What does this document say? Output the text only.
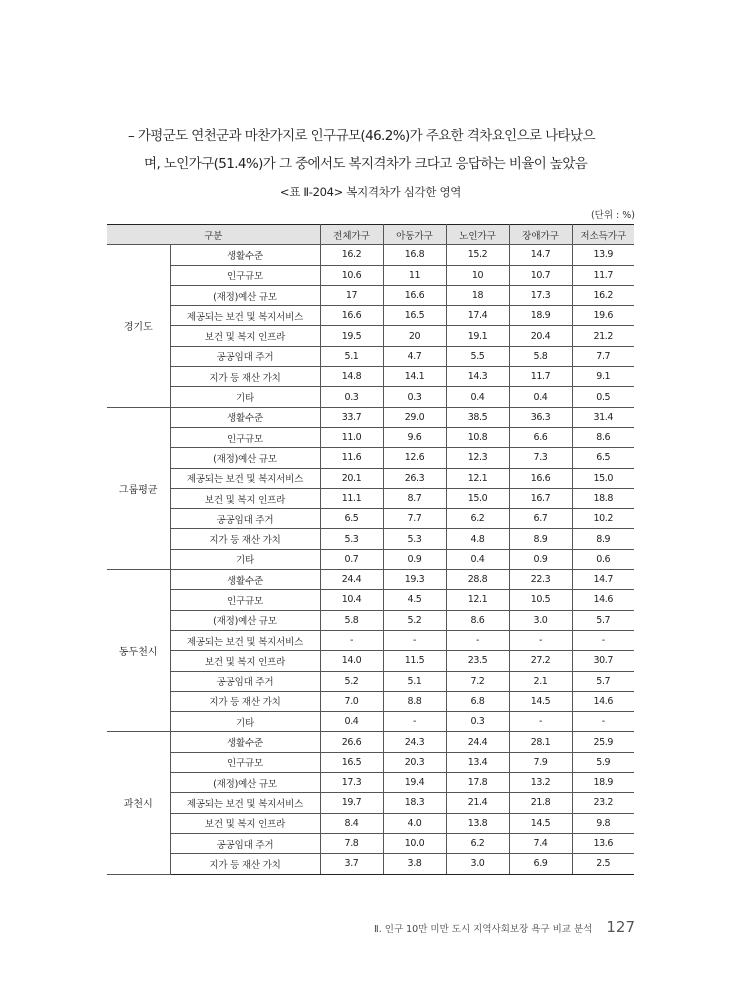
– 가평군도 연천군과 마찬가지로 인구규모(46.2%)가 주요한 격차요인으로 나타났으
며, 노인가구(51.4%)가 그 중에서도 복지격차가 크다고 응답하는 비율이 높았음
<표 Ⅱ-204> 복지격차가 심각한 영역
(단위 : %)
구분		전체가구	아동가구	노인가구	장애가구	저소득가구
경기도	생활수준	16.2	16.8	15.2	14.7	13.9
	인구규모	10.6	11	10	10.7	11.7
	(재정)예산 규모	17	16.6	18	17.3	16.2
	제공되는 보건 및 복지서비스	16.6	16.5	17.4	18.9	19.6
	보건 및 복지 인프라	19.5	20	19.1	20.4	21.2
	공공임대 주거	5.1	4.7	5.5	5.8	7.7
	지가 등 재산 가치	14.8	14.1	14.3	11.7	9.1
	기타	0.3	0.3	0.4	0.4	0.5
그룹평균	생활수준	33.7	29.0	38.5	36.3	31.4
	인구규모	11.0	9.6	10.8	6.6	8.6
	(재정)예산 규모	11.6	12.6	12.3	7.3	6.5
	제공되는 보건 및 복지서비스	20.1	26.3	12.1	16.6	15.0
	보건 및 복지 인프라	11.1	8.7	15.0	16.7	18.8
	공공임대 주거	6.5	7.7	6.2	6.7	10.2
	지가 등 재산 가치	5.3	5.3	4.8	8.9	8.9
	기타	0.7	0.9	0.4	0.9	0.6
동두천시	생활수준	24.4	19.3	28.8	22.3	14.7
	인구규모	10.4	4.5	12.1	10.5	14.6
	(재정)예산 규모	5.8	5.2	8.6	3.0	5.7
	제공되는 보건 및 복지서비스	-	-	-	-	-
	보건 및 복지 인프라	14.0	11.5	23.5	27.2	30.7
	공공임대 주거	5.2	5.1	7.2	2.1	5.7
	지가 등 재산 가치	7.0	8.8	6.8	14.5	14.6
	기타	0.4	-	0.3	-	-
과천시	생활수준	26.6	24.3	24.4	28.1	25.9
	인구규모	16.5	20.3	13.4	7.9	5.9
	(재정)예산 규모	17.3	19.4	17.8	13.2	18.9
	제공되는 보건 및 복지서비스	19.7	18.3	21.4	21.8	23.2
	보건 및 복지 인프라	8.4	4.0	13.8	14.5	9.8
	공공임대 주거	7.8	10.0	6.2	7.4	13.6
	지가 등 재산 가치	3.7	3.8	3.0	6.9	2.5
Ⅱ. 인구 10만 미만 도시 지역사회보장 욕구 비교 분석 127
